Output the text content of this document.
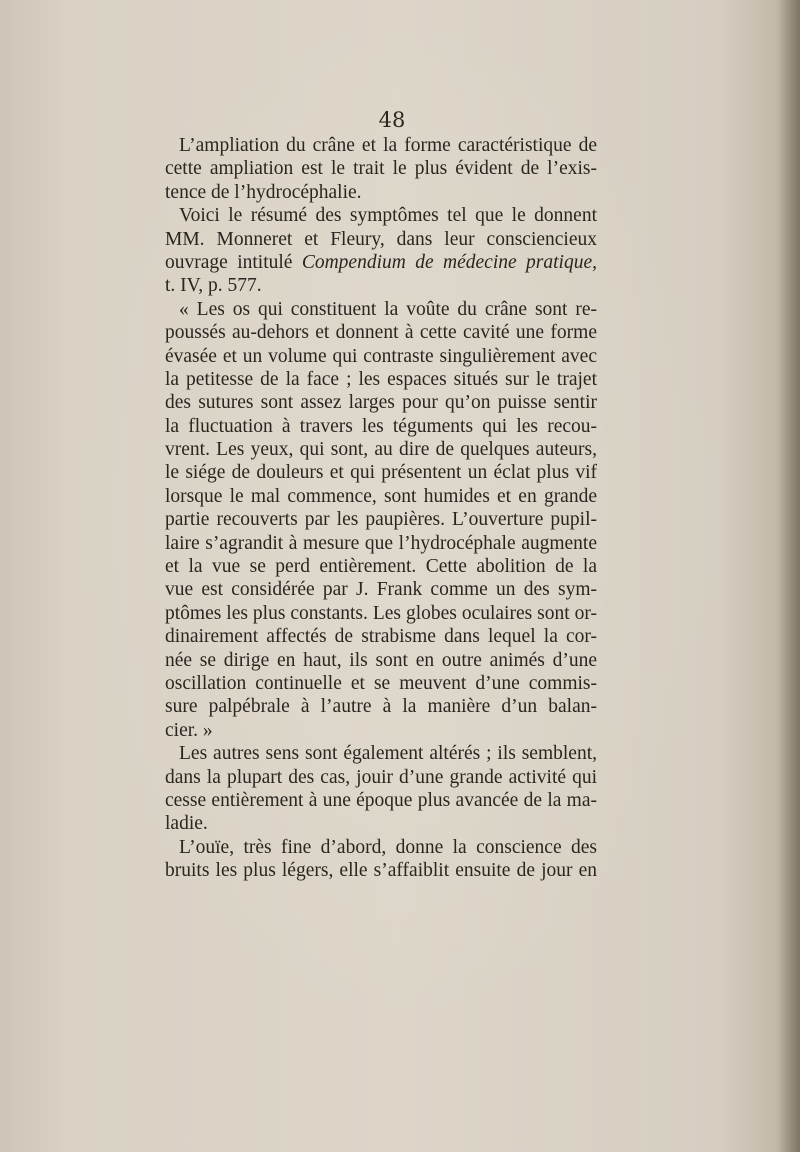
48
L’ampliation du crâne et la forme caractéristique de
cette ampliation est le trait le plus évident de l’exis-
tence de l’hydrocéphalie.
Voici le résumé des symptômes tel que le donnent
MM. Monneret et Fleury, dans leur consciencieux
ouvrage intitulé Compendium de médecine pratique,
t. IV, p. 577.
« Les os qui constituent la voûte du crâne sont re-
poussés au-dehors et donnent à cette cavité une forme
évasée et un volume qui contraste singulièrement avec
la petitesse de la face ; les espaces situés sur le trajet
des sutures sont assez larges pour qu’on puisse sentir
la fluctuation à travers les téguments qui les recou-
vrent. Les yeux, qui sont, au dire de quelques auteurs,
le siége de douleurs et qui présentent un éclat plus vif
lorsque le mal commence, sont humides et en grande
partie recouverts par les paupières. L’ouverture pupil-
laire s’agrandit à mesure que l’hydrocéphale augmente
et la vue se perd entièrement. Cette abolition de la
vue est considérée par J. Frank comme un des sym-
ptômes les plus constants. Les globes oculaires sont or-
dinairement affectés de strabisme dans lequel la cor-
née se dirige en haut, ils sont en outre animés d’une
oscillation continuelle et se meuvent d’une commis-
sure palpébrale à l’autre à la manière d’un balan-
cier. »
Les autres sens sont également altérés ; ils semblent,
dans la plupart des cas, jouir d’une grande activité qui
cesse entièrement à une époque plus avancée de la ma-
ladie.
L’ouïe, très fine d’abord, donne la conscience des
bruits les plus légers, elle s’affaiblit ensuite de jour en
